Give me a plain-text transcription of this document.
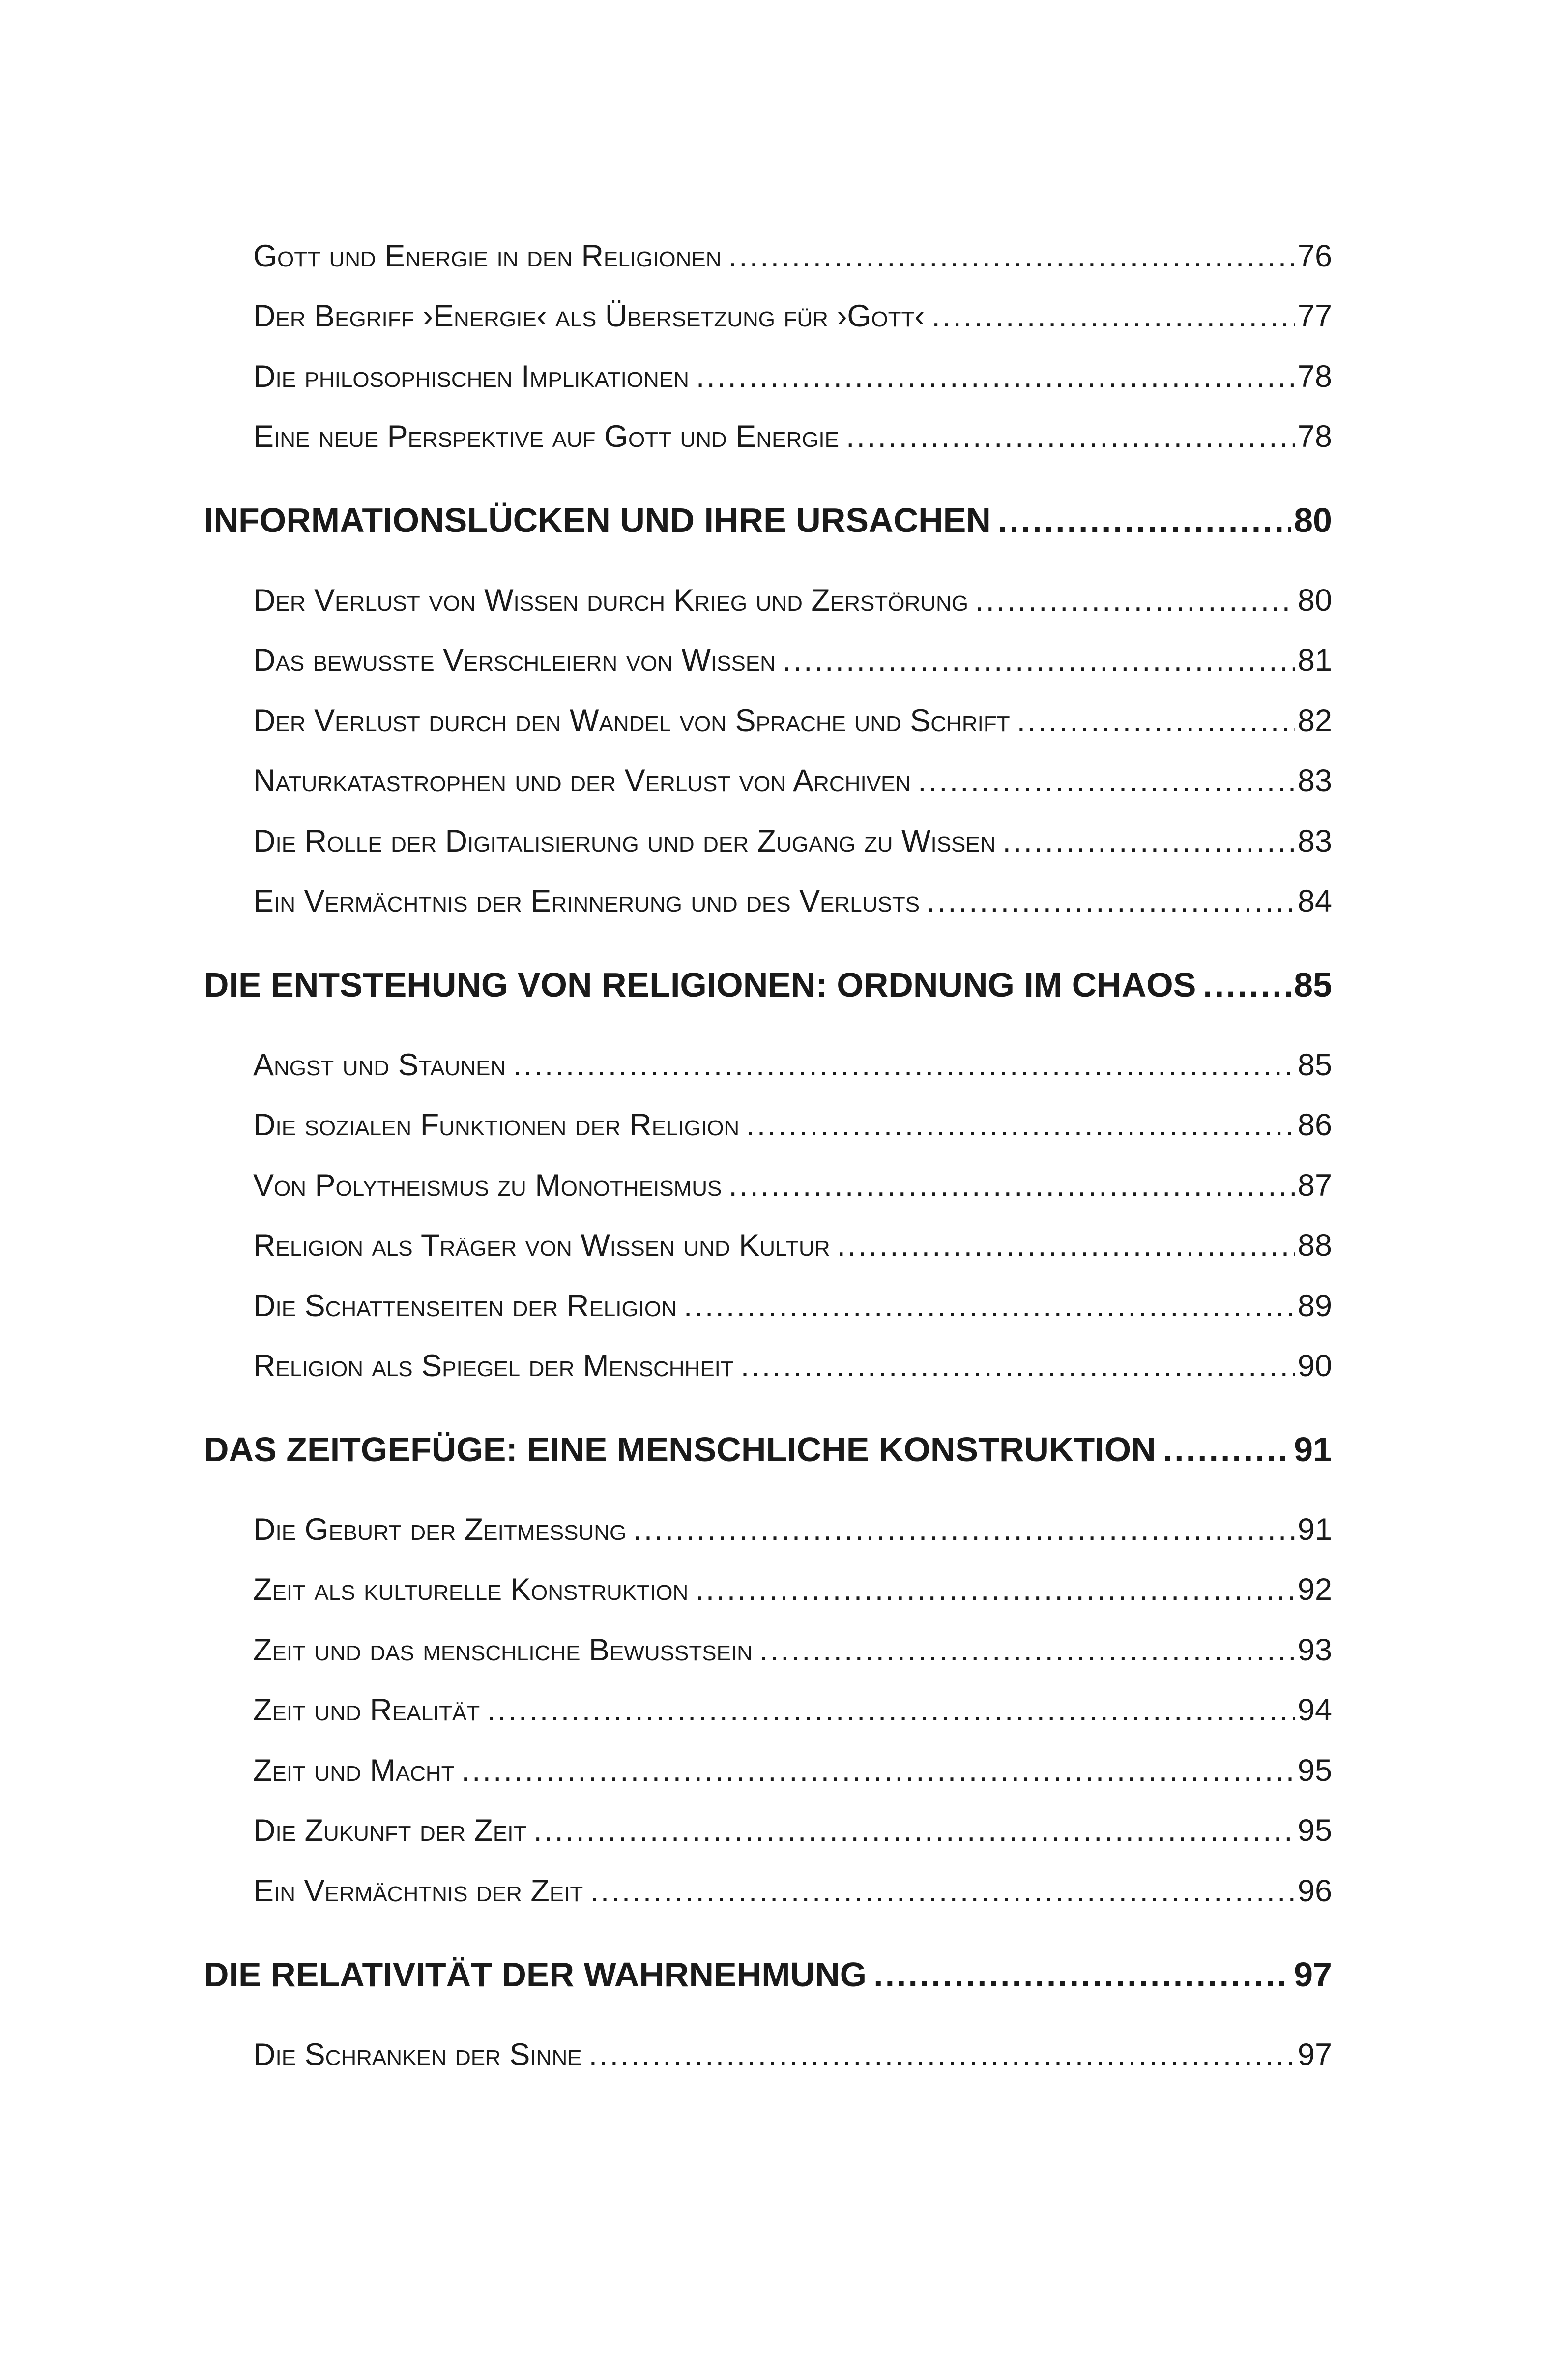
Gott und Energie in den Religionen .....	76
Der Begriff ›Energie‹ als Übersetzung für ›Gott‹ .....	77
Die philosophischen Implikationen .....	78
Eine neue Perspektive auf Gott und Energie .....	78
INFORMATIONSLÜCKEN UND IHRE URSACHEN .....	80
Der Verlust von Wissen durch Krieg und Zerstörung .....	80
Das bewusste Verschleiern von Wissen .....	81
Der Verlust durch den Wandel von Sprache und Schrift .....	82
Naturkatastrophen und der Verlust von Archiven .....	83
Die Rolle der Digitalisierung und der Zugang zu Wissen .....	83
Ein Vermächtnis der Erinnerung und des Verlusts .....	84
DIE ENTSTEHUNG VON RELIGIONEN: ORDNUNG IM CHAOS .....	85
Angst und Staunen .....	85
Die sozialen Funktionen der Religion .....	86
Von Polytheismus zu Monotheismus .....	87
Religion als Träger von Wissen und Kultur .....	88
Die Schattenseiten der Religion .....	89
Religion als Spiegel der Menschheit .....	90
DAS ZEITGEFÜGE: EINE MENSCHLICHE KONSTRUKTION .....	91
Die Geburt der Zeitmessung .....	91
Zeit als kulturelle Konstruktion .....	92
Zeit und das menschliche Bewusstsein .....	93
Zeit und Realität .....	94
Zeit und Macht .....	95
Die Zukunft der Zeit .....	95
Ein Vermächtnis der Zeit .....	96
DIE RELATIVITÄT DER WAHRNEHMUNG .....	97
Die Schranken der Sinne .....	97
